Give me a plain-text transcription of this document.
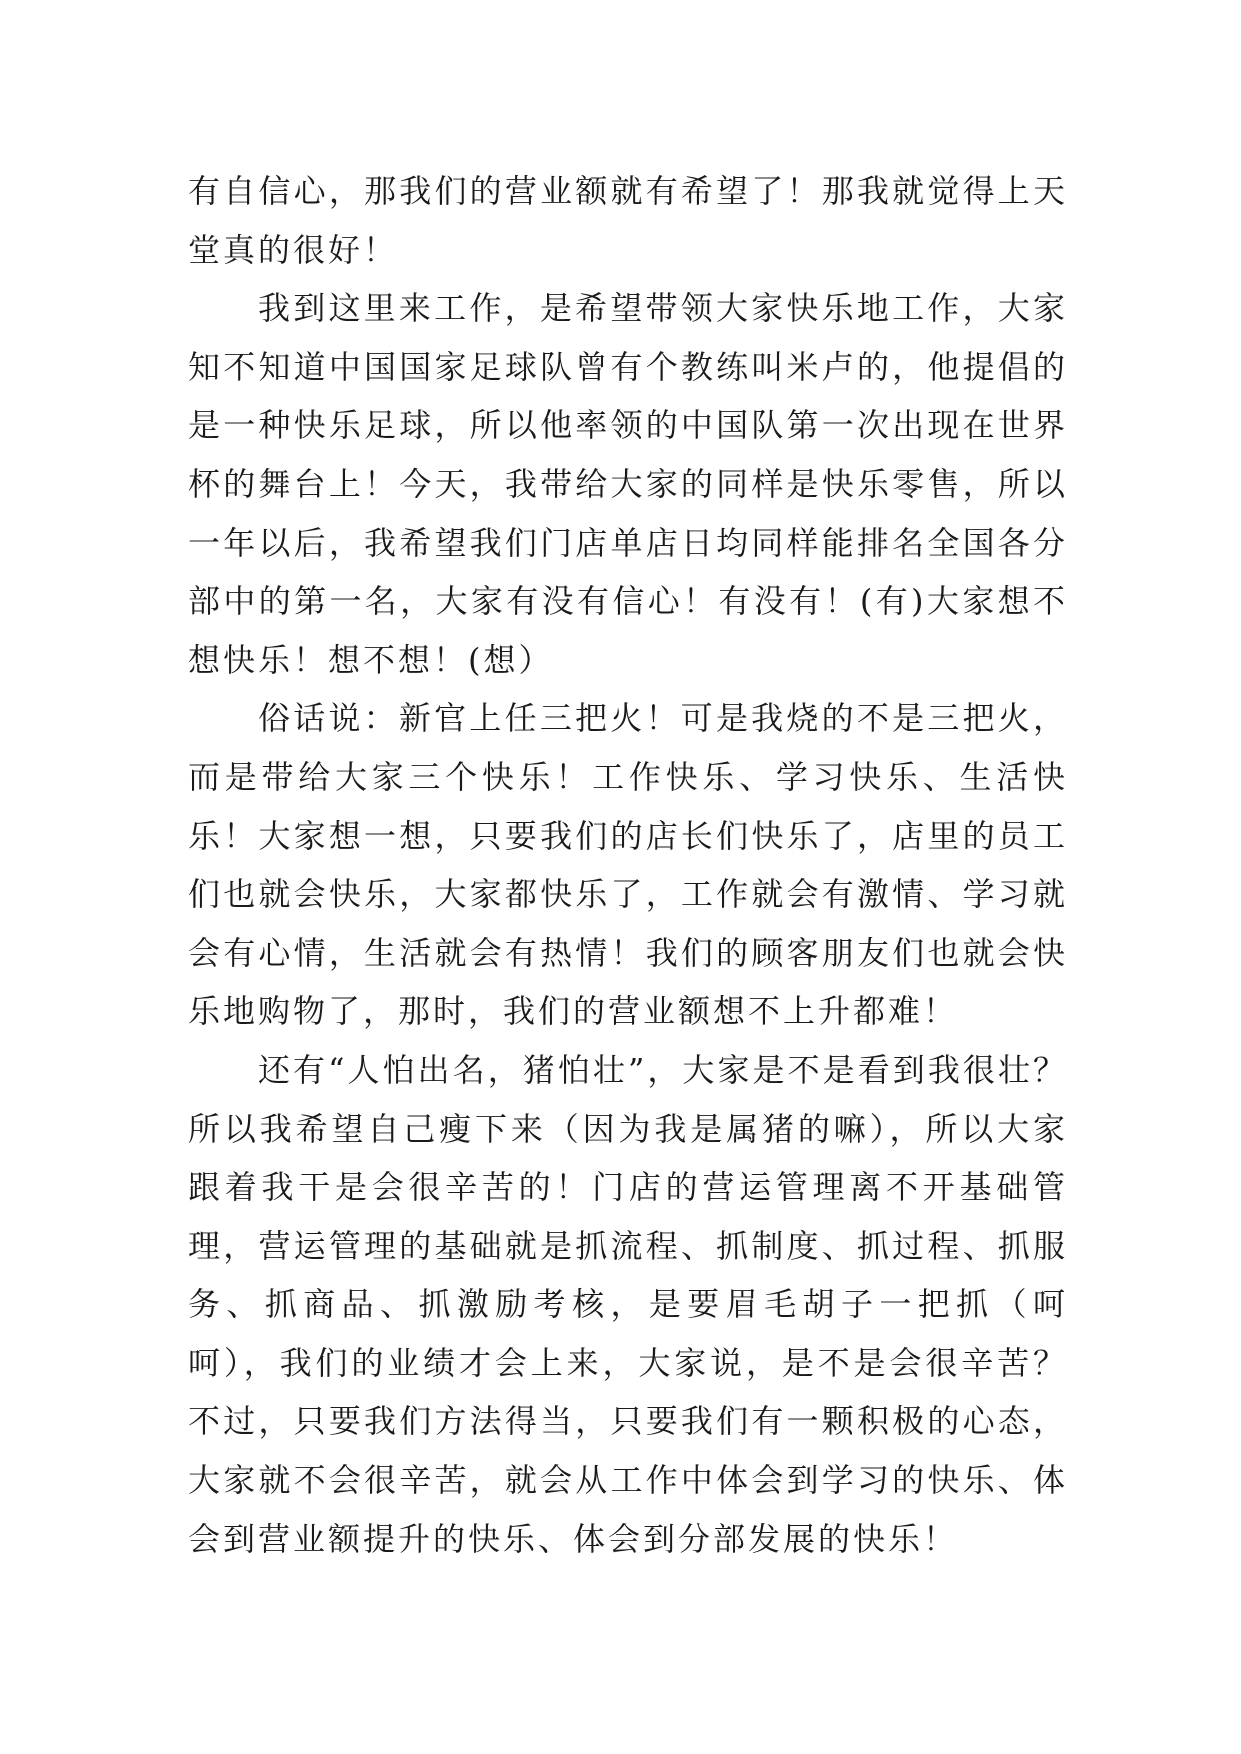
有自信心，那我们的营业额就有希望了！那我就觉得上天堂真的很好！

我到这里来工作，是希望带领大家快乐地工作，大家知不知道中国国家足球队曾有个教练叫米卢的，他提倡的是一种快乐足球，所以他率领的中国队第一次出现在世界杯的舞台上！今天，我带给大家的同样是快乐零售，所以一年以后，我希望我们门店单店日均同样能排名全国各分部中的第一名，大家有没有信心！有没有！(有)大家想不想快乐！想不想！(想）

俗话说：新官上任三把火！可是我烧的不是三把火，而是带给大家三个快乐！工作快乐、学习快乐、生活快乐！大家想一想，只要我们的店长们快乐了，店里的员工们也就会快乐，大家都快乐了，工作就会有激情、学习就会有心情，生活就会有热情！我们的顾客朋友们也就会快乐地购物了，那时，我们的营业额想不上升都难！

还有“人怕出名，猪怕壮”，大家是不是看到我很壮？所以我希望自己瘦下来（因为我是属猪的嘛），所以大家跟着我干是会很辛苦的！门店的营运管理离不开基础管理，营运管理的基础就是抓流程、抓制度、抓过程、抓服务、抓商品、抓激励考核，是要眉毛胡子一把抓（呵呵），我们的业绩才会上来，大家说，是不是会很辛苦？不过，只要我们方法得当，只要我们有一颗积极的心态，大家就不会很辛苦，就会从工作中体会到学习的快乐、体会到营业额提升的快乐、体会到分部发展的快乐！
